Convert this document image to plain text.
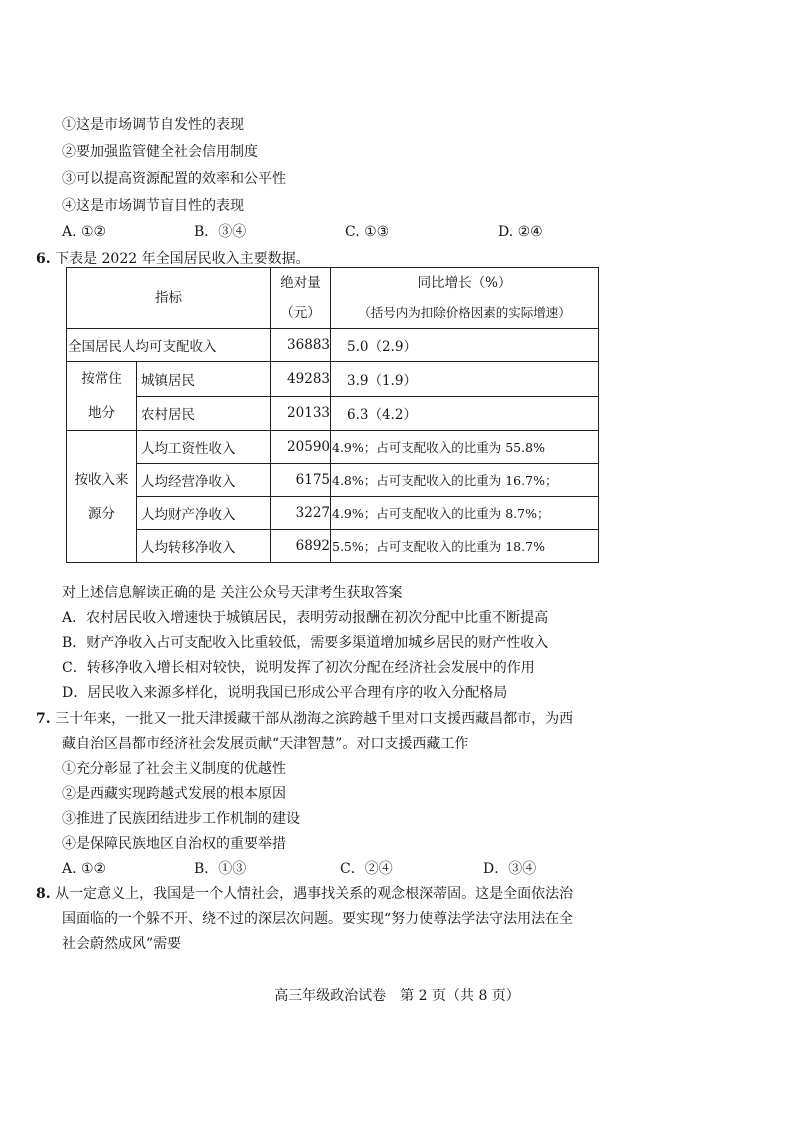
①这是市场调节自发性的表现
②要加强监管健全社会信用制度
③可以提高资源配置的效率和公平性
④这是市场调节盲目性的表现
A. ①②	B．③④	C. ①③	D. ②④
6. 下表是 2022 年全国居民收入主要数据。
指标		绝对量	同比增长（%）
		（元）	（括号内为扣除价格因素的实际增速）
全国居民人均可支配收入		36883	5.0（2.9）

按常住
地分	城镇居民	49283	3.9（1.9）
	农村居民	20133	6.3（4.2）

按收入来
源分	人均工资性收入	20590	4.9%；占可支配收入的比重为 55.8%
	人均经营净收入	6175	4.8%；占可支配收入的比重为 16.7%；
	人均财产净收入	3227	4.9%；占可支配收入的比重为 8.7%；
	人均转移净收入	6892	5.5%；占可支配收入的比重为 18.7%
对上述信息解读正确的是 关注公众号天津考生获取答案
A．农村居民收入增速快于城镇居民，表明劳动报酬在初次分配中比重不断提高
B．财产净收入占可支配收入比重较低，需要多渠道增加城乡居民的财产性收入
C．转移净收入增长相对较快，说明发挥了初次分配在经济社会发展中的作用
D．居民收入来源多样化，说明我国已形成公平合理有序的收入分配格局
7. 三十年来，一批又一批天津援藏干部从渤海之滨跨越千里对口支援西藏昌都市，为西
藏自治区昌都市经济社会发展贡献“天津智慧”。对口支援西藏工作
①充分彰显了社会主义制度的优越性
②是西藏实现跨越式发展的根本原因
③推进了民族团结进步工作机制的建设
④是保障民族地区自治权的重要举措
A. ①②	B．①③	C．②④	D．③④
8. 从一定意义上，我国是一个人情社会，遇事找关系的观念根深蒂固。这是全面依法治
国面临的一个躲不开、绕不过的深层次问题。要实现“努力使尊法学法守法用法在全
社会蔚然成风”需要
高三年级政治试卷　第 2 页（共 8 页）
